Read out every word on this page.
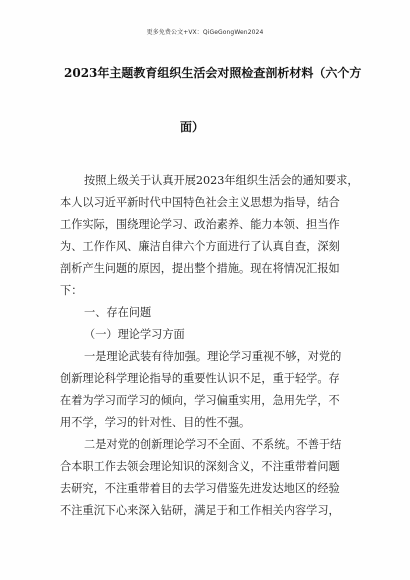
更多免费公文+VX：QiGeGongWen2024
2023年主题教育组织生活会对照检查剖析材料（六个方
面）
按照上级关于认真开展2023年组织生活会的通知要求，
本人以习近平新时代中国特色社会主义思想为指导，结合
工作实际，围绕理论学习、政治素养、能力本领、担当作
为、工作作风、廉洁自律六个方面进行了认真自查，深刻
剖析产生问题的原因，提出整个措施。现在将情况汇报如
下：
一、存在问题
（一）理论学习方面
一是理论武装有待加强。理论学习重视不够，对党的
创新理论科学理论指导的重要性认识不足，重于轻学。存
在着为学习而学习的倾向，学习偏重实用，急用先学，不
用不学，学习的针对性、目的性不强。
二是对党的创新理论学习不全面、不系统。不善于结
合本职工作去领会理论知识的深刻含义，不注重带着问题
去研究，不注重带着目的去学习借鉴先进发达地区的经验
不注重沉下心来深入钻研，满足于和工作相关内容学习，
